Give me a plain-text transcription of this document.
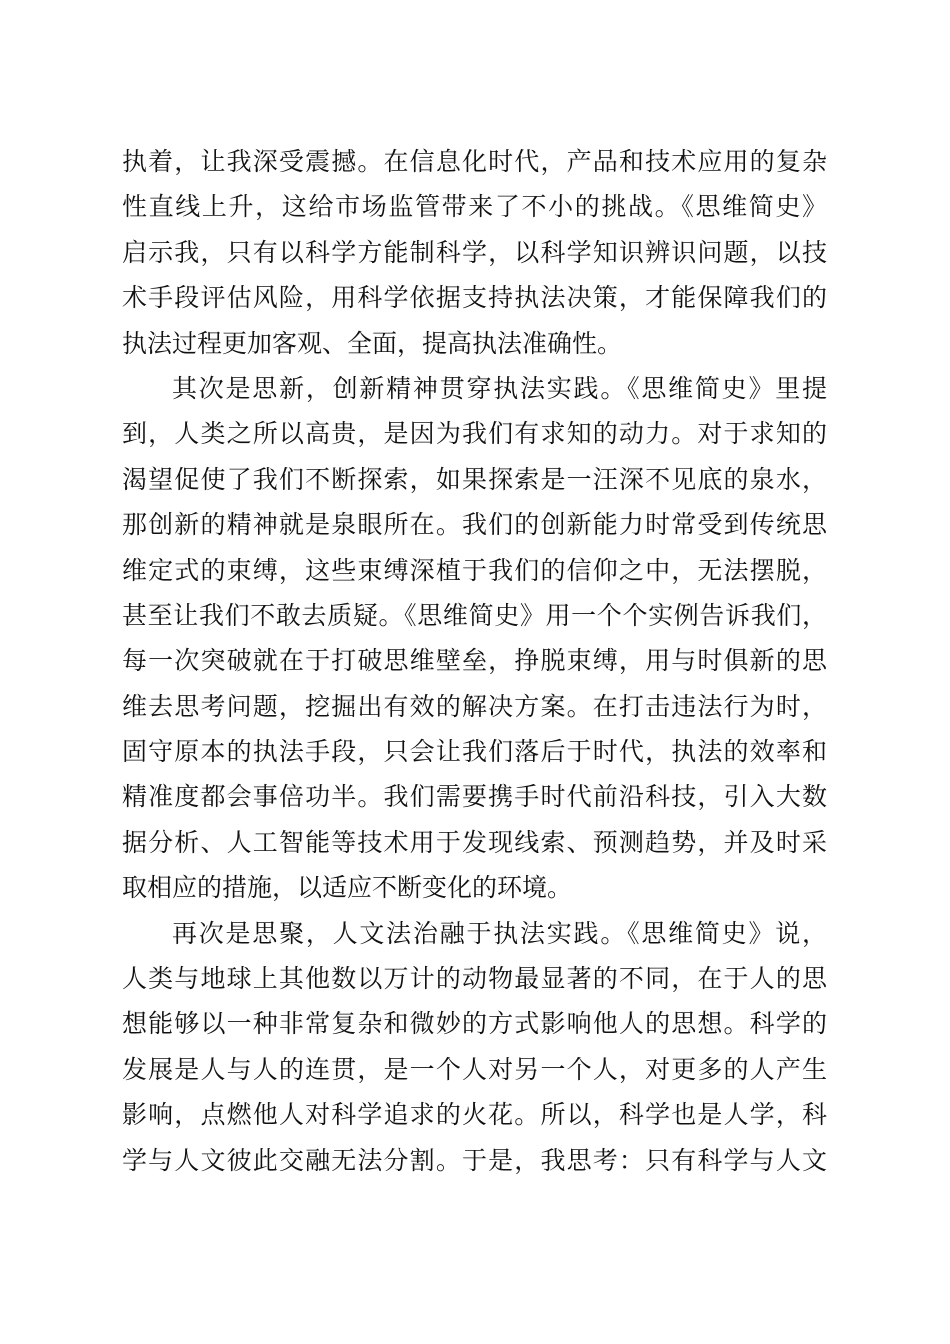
执着，让我深受震撼。在信息化时代，产品和技术应用的复杂
性直线上升，这给市场监管带来了不小的挑战。《思维简史》
启示我，只有以科学方能制科学，以科学知识辨识问题，以技
术手段评估风险，用科学依据支持执法决策，才能保障我们的
执法过程更加客观、全面，提高执法准确性。

其次是思新，创新精神贯穿执法实践。《思维简史》里提
到，人类之所以高贵，是因为我们有求知的动力。对于求知的
渴望促使了我们不断探索，如果探索是一汪深不见底的泉水，
那创新的精神就是泉眼所在。我们的创新能力时常受到传统思
维定式的束缚，这些束缚深植于我们的信仰之中，无法摆脱，
甚至让我们不敢去质疑。《思维简史》用一个个实例告诉我们，
每一次突破就在于打破思维壁垒，挣脱束缚，用与时俱新的思
维去思考问题，挖掘出有效的解决方案。在打击违法行为时，
固守原本的执法手段，只会让我们落后于时代，执法的效率和
精准度都会事倍功半。我们需要携手时代前沿科技，引入大数
据分析、人工智能等技术用于发现线索、预测趋势，并及时采
取相应的措施，以适应不断变化的环境。

再次是思聚，人文法治融于执法实践。《思维简史》说，
人类与地球上其他数以万计的动物最显著的不同，在于人的思
想能够以一种非常复杂和微妙的方式影响他人的思想。科学的
发展是人与人的连贯，是一个人对另一个人，对更多的人产生
影响，点燃他人对科学追求的火花。所以，科学也是人学，科
学与人文彼此交融无法分割。于是，我思考：只有科学与人文
